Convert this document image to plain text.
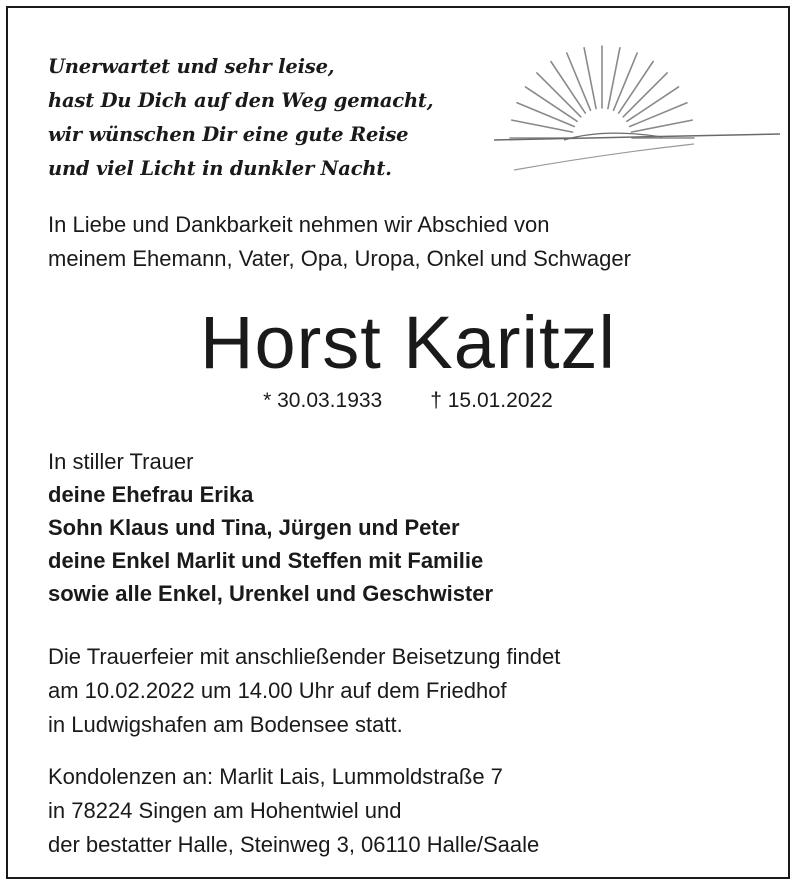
Unerwartet und sehr leise,
hast Du Dich auf den Weg gemacht,
wir wünschen Dir eine gute Reise
und viel Licht in dunkler Nacht.
In Liebe und Dankbarkeit nehmen wir Abschied von
meinem Ehemann, Vater, Opa, Uropa, Onkel und Schwager
Horst Karitzl
* 30.03.1933 † 15.01.2022
In stiller Trauer
deine Ehefrau Erika
Sohn Klaus und Tina, Jürgen und Peter
deine Enkel Marlit und Steffen mit Familie
sowie alle Enkel, Urenkel und Geschwister
Die Trauerfeier mit anschließender Beisetzung findet
am 10.02.2022 um 14.00 Uhr auf dem Friedhof
in Ludwigshafen am Bodensee statt.
Kondolenzen an: Marlit Lais, Lummoldstraße 7
in 78224 Singen am Hohentwiel und
der bestatter Halle, Steinweg 3, 06110 Halle/Saale
